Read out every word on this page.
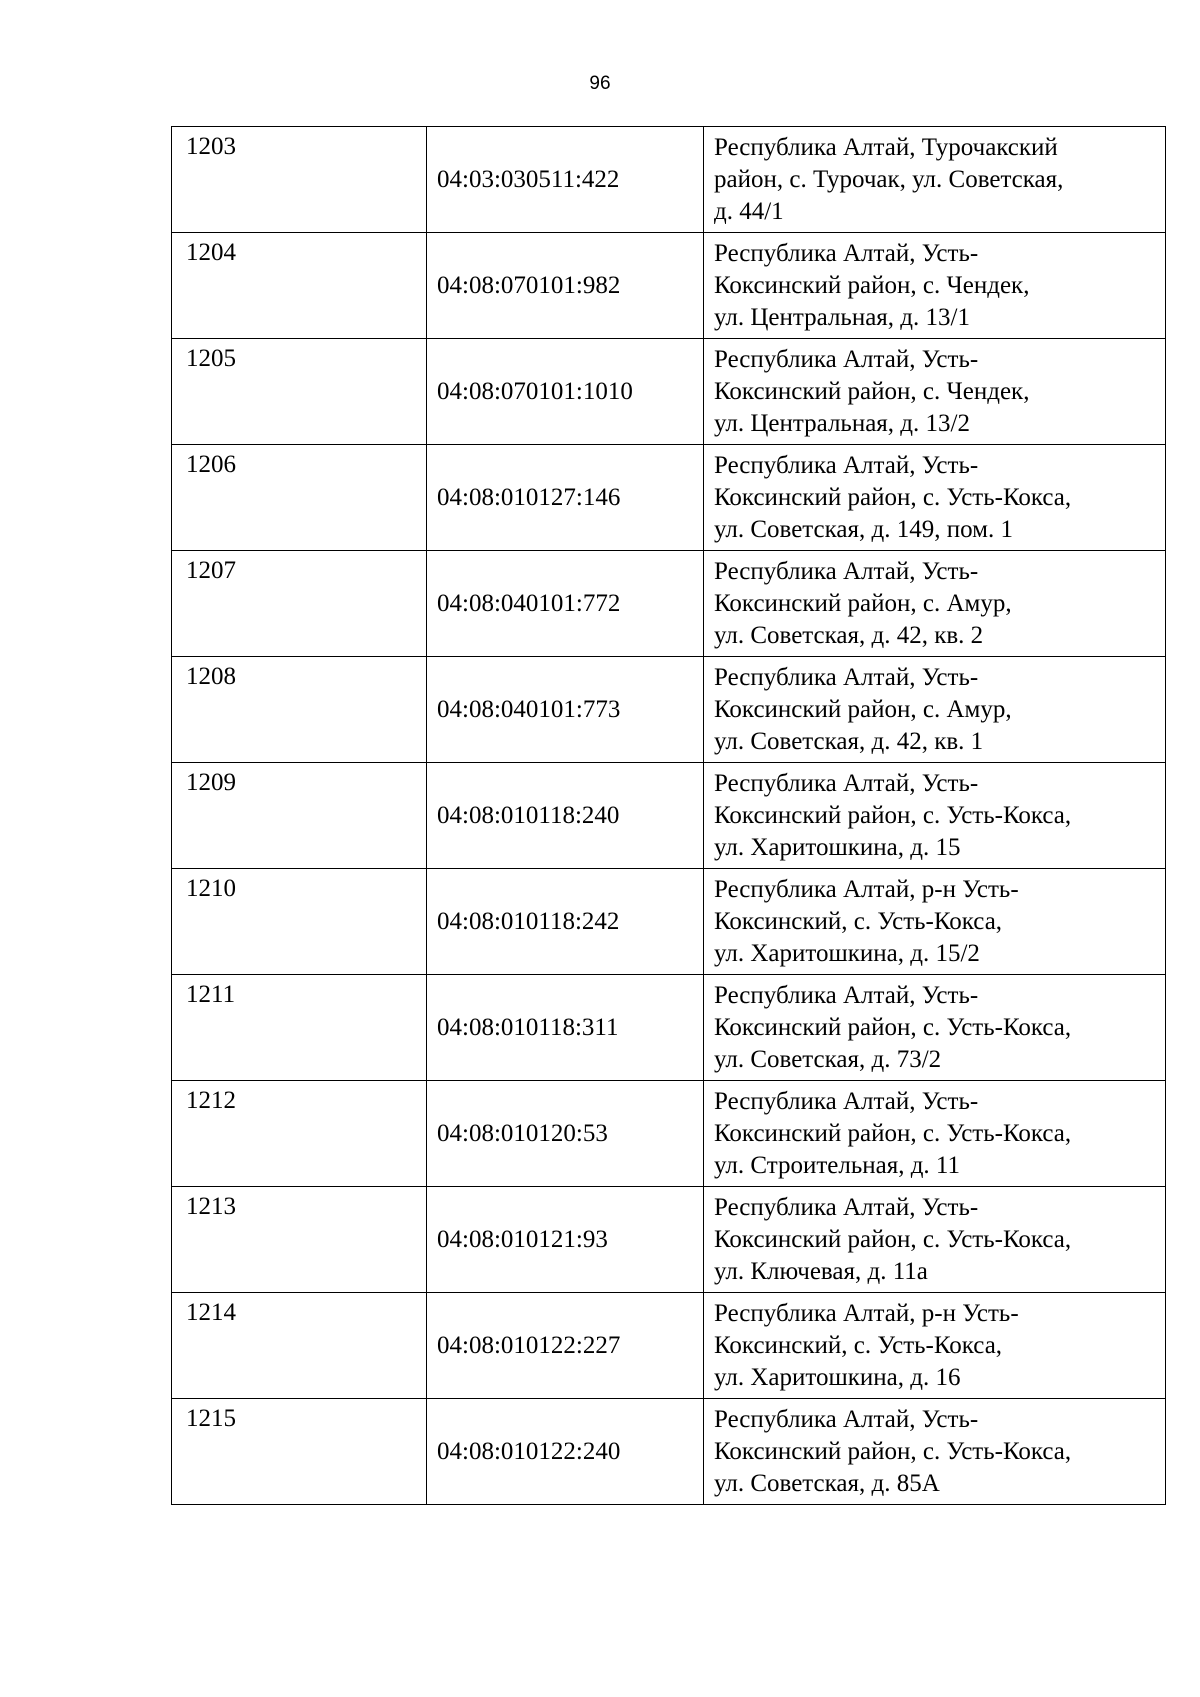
96
1203	04:03:030511:422	Республика Алтай, Турочакский
район, с. Турочак, ул. Советская,
д. 44/1

1204	04:08:070101:982	Республика Алтай, Усть-
Коксинский район, с. Чендек,
ул. Центральная, д. 13/1

1205	04:08:070101:1010	Республика Алтай, Усть-
Коксинский район, с. Чендек,
ул. Центральная, д. 13/2

1206	04:08:010127:146	Республика Алтай, Усть-
Коксинский район, с. Усть-Кокса,
ул. Советская, д. 149, пом. 1

1207	04:08:040101:772	Республика Алтай, Усть-
Коксинский район, с. Амур,
ул. Советская, д. 42, кв. 2

1208	04:08:040101:773	Республика Алтай, Усть-
Коксинский район, с. Амур,
ул. Советская, д. 42, кв. 1

1209	04:08:010118:240	Республика Алтай, Усть-
Коксинский район, с. Усть-Кокса,
ул. Харитошкина, д. 15

1210	04:08:010118:242	Республика Алтай, р-н Усть-
Коксинский, с. Усть-Кокса,
ул. Харитошкина, д. 15/2

1211	04:08:010118:311	Республика Алтай, Усть-
Коксинский район, с. Усть-Кокса,
ул. Советская, д. 73/2

1212	04:08:010120:53	Республика Алтай, Усть-
Коксинский район, с. Усть-Кокса,
ул. Строительная, д. 11

1213	04:08:010121:93	Республика Алтай, Усть-
Коксинский район, с. Усть-Кокса,
ул. Ключевая, д. 11а

1214	04:08:010122:227	Республика Алтай, р-н Усть-
Коксинский, с. Усть-Кокса,
ул. Харитошкина, д. 16

1215	04:08:010122:240	Республика Алтай, Усть-
Коксинский район, с. Усть-Кокса,
ул. Советская, д. 85А
